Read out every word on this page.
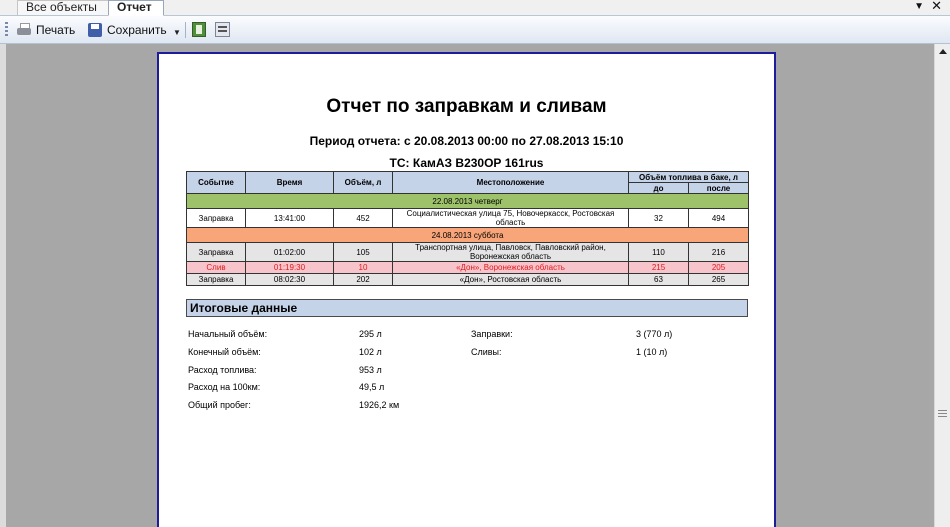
Все объекты	Отчет	▼ ✕
Печать	Сохранить ▼
Отчет по заправкам и сливам
Период отчета: с 20.08.2013 00:00 по 27.08.2013 15:10
ТС: КамАЗ В230ОР 161rus
Событие	Время	Объём, л	Местоположение	Объём топлива в баке, л	
				до	после
22.08.2013 четверг					
Заправка	13:41:00	452	Социалистическая улица 75, Новочеркасск, Ростовская область	32	494
24.08.2013 суббота					
Заправка	01:02:00	105	Транспортная улица, Павловск, Павловский район, Воронежская область	110	216
Слив	01:19:30	10	«Дон», Воронежская область	215	205
Заправка	08:02:30	202	«Дон», Ростовская область	63	265
Итоговые данные
Начальный объём:	295 л	Заправки:	3 (770 л)
Конечный объём:	102 л	Сливы:	1 (10 л)
Расход топлива:	953 л
Расход на 100км:	49,5 л
Общий пробег:	1926,2 км
